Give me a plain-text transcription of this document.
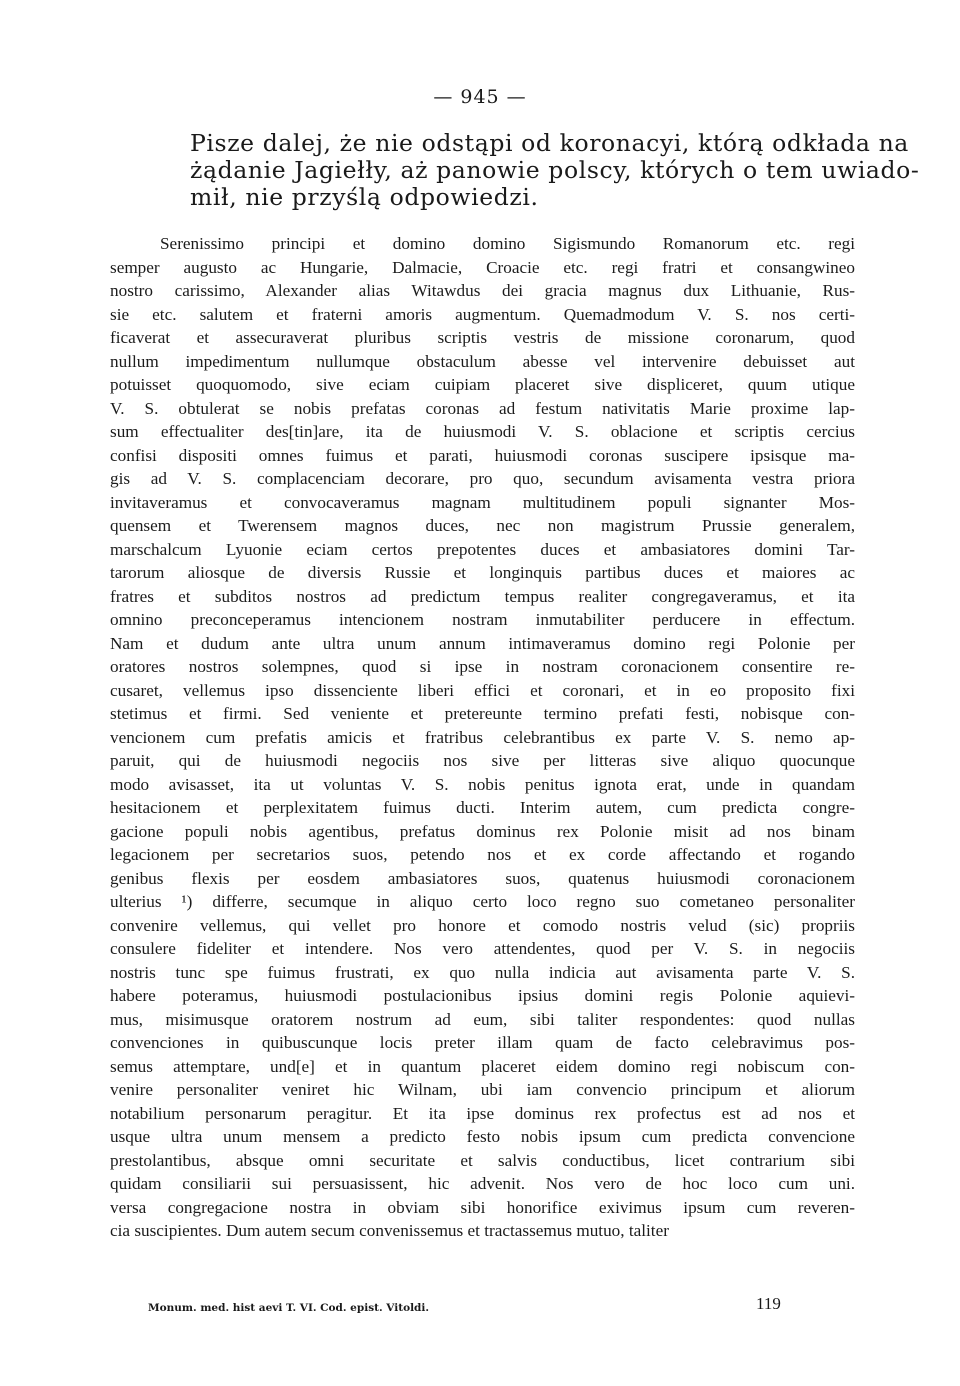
— 945 —
Pisze dalej, że nie odstąpi od koronacyi, którą odkłada na
żądanie Jagiełły, aż panowie polscy, których o tem uwiado-
mił, nie przyślą odpowiedzi.
Serenissimo principi et domino domino Sigismundo Romanorum etc. regi
semper augusto ac Hungarie, Dalmacie, Croacie etc. regi fratri et consangwineo
nostro carissimo, Alexander alias Witawdus dei gracia magnus dux Lithuanie, Rus-
sie etc. salutem et fraterni amoris augmentum. Quemadmodum V. S. nos certi-
ficaverat et assecuraverat pluribus scriptis vestris de missione coronarum, quod
nullum impedimentum nullumque obstaculum abesse vel intervenire debuisset aut
potuisset quoquomodo, sive eciam cuipiam placeret sive displiceret, quum utique
V. S. obtulerat se nobis prefatas coronas ad festum nativitatis Marie proxime lap-
sum effectualiter des[tin]are, ita de huiusmodi V. S. oblacione et scriptis cercius
confisi dispositi omnes fuimus et parati, huiusmodi coronas suscipere ipsisque ma-
gis ad V. S. complacenciam decorare, pro quo, secundum avisamenta vestra priora
invitaveramus et convocaveramus magnam multitudinem populi signanter Mos-
quensem et Twerensem magnos duces, nec non magistrum Prussie generalem,
marschalcum Lyuonie eciam certos prepotentes duces et ambasiatores domini Tar-
tarorum aliosque de diversis Russie et longinquis partibus duces et maiores ac
fratres et subditos nostros ad predictum tempus realiter congregaveramus, et ita
omnino preconceperamus intencionem nostram inmutabiliter perducere in effectum.
Nam et dudum ante ultra unum annum intimaveramus domino regi Polonie per
oratores nostros solempnes, quod si ipse in nostram coronacionem consentire re-
cusaret, vellemus ipso dissenciente liberi effici et coronari, et in eo proposito fixi
stetimus et firmi. Sed veniente et pretereunte termino prefati festi, nobisque con-
vencionem cum prefatis amicis et fratribus celebrantibus ex parte V. S. nemo ap-
paruit, qui de huiusmodi negociis nos sive per litteras sive aliquo quocunque
modo avisasset, ita ut voluntas V. S. nobis penitus ignota erat, unde in quandam
hesitacionem et perplexitatem fuimus ducti. Interim autem, cum predicta congre-
gacione populi nobis agentibus, prefatus dominus rex Polonie misit ad nos binam
legacionem per secretarios suos, petendo nos et ex corde affectando et rogando
genibus flexis per eosdem ambasiatores suos, quatenus huiusmodi coronacionem
ulterius ¹) differre, secumque in aliquo certo loco regno suo cometaneo personaliter
convenire vellemus, qui vellet pro honore et comodo nostris velud (sic) propriis
consulere fideliter et intendere. Nos vero attendentes, quod per V. S. in negociis
nostris tunc spe fuimus frustrati, ex quo nulla indicia aut avisamenta parte V. S.
habere poteramus, huiusmodi postulacionibus ipsius domini regis Polonie aquievi-
mus, misimusque oratorem nostrum ad eum, sibi taliter respondentes: quod nullas
convenciones in quibuscunque locis preter illam quam de facto celebravimus pos-
semus attemptare, und[e] et in quantum placeret eidem domino regi nobiscum con-
venire personaliter veniret hic Wilnam, ubi iam convencio principum et aliorum
notabilium personarum peragitur. Et ita ipse dominus rex profectus est ad nos et
usque ultra unum mensem a predicto festo nobis ipsum cum predicta convencione
prestolantibus, absque omni securitate et salvis conductibus, licet contrarium sibi
quidam consiliarii sui persuasissent, hic advenit. Nos vero de hoc loco cum uni.
versa congregacione nostra in obviam sibi honorifice exivimus ipsum cum reveren-
cia suscipientes. Dum autem secum convenissemus et tractassemus mutuo, taliter
Monum. med. hist aevi T. VI. Cod. epist. Vitoldi.	119
